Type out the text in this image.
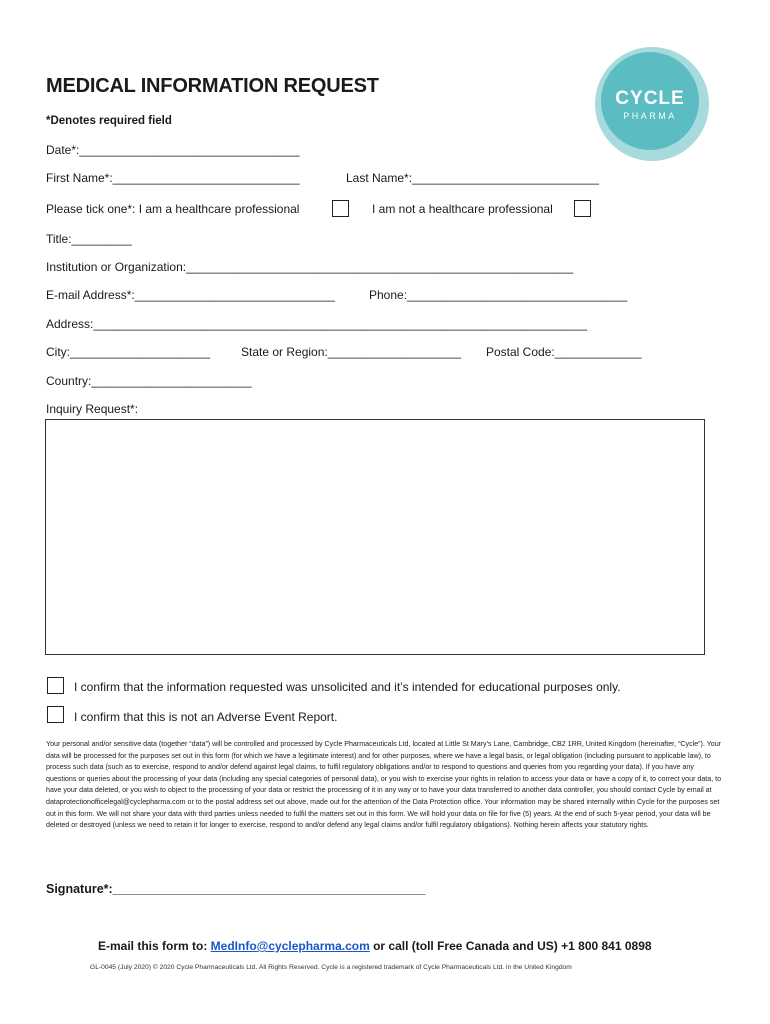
CYCLE
PHARMA
MEDICAL INFORMATION REQUEST
*Denotes required field
Date*:_________________________________
First Name*:____________________________	Last Name*:____________________________
Please tick one*: I am a healthcare professional	I am not a healthcare professional
Title:_________
Institution or Organization:__________________________________________________________
E-mail Address*:______________________________	Phone:_________________________________
Address:__________________________________________________________________________
City:_____________________	State or Region:____________________ Postal Code:_____________
Country:________________________
Inquiry Request*:
I confirm that the information requested was unsolicited and it’s intended for educational purposes only.
I confirm that this is not an Adverse Event Report.
Your personal and/or sensitive data (together “data”) will be controlled and processed by Cycle Pharmaceuticals Ltd, located at Little St Mary’s Lane, Cambridge, CB2 1RR, United Kingdom (hereinafter, “Cycle”). Your data will be processed for the purposes set out in this form (for which we have a legitimate interest) and for other purposes, where we have a legal basis, or legal obligation (including pursuant to applicable law), to process such data (such as to exercise, respond to and/or defend against legal claims, to fulfil regulatory obligations and/or to respond to questions and queries from you regarding your data). If you have any questions or queries about the processing of your data (including any special categories of personal data), or you wish to exercise your rights in relation to access your data or have a copy of it, to correct your data, to have your data deleted, or you wish to object to the processing of your data or restrict the processing of it in any way or to have your data transferred to another data controller, you should contact Cycle by email at dataprotectionofficelegal@cyclepharma.com or to the postal address set out above, made out for the attention of the Data Protection office. Your information may be shared internally within Cycle for the purposes set out in this form. We will not share your data with third parties unless needed to fulfil the matters set out in this form. We will hold your data on file for five (5) years. At the end of such 5-year period, your data will be deleted or destroyed (unless we need to retain it for longer to exercise, respond to and/or defend any legal claims and/or fulfil regulatory obligations). Nothing herein affects your statutory rights.
Signature*:_____________________________________________
E-mail this form to: MedInfo@cyclepharma.com or call (toll Free Canada and US) +1 800 841 0898
GL-0045 (July 2020) © 2020 Cycle Pharmaceuticals Ltd. All Rights Reserved. Cycle is a registered trademark of Cycle Pharmaceuticals Ltd. in the United Kingdom
